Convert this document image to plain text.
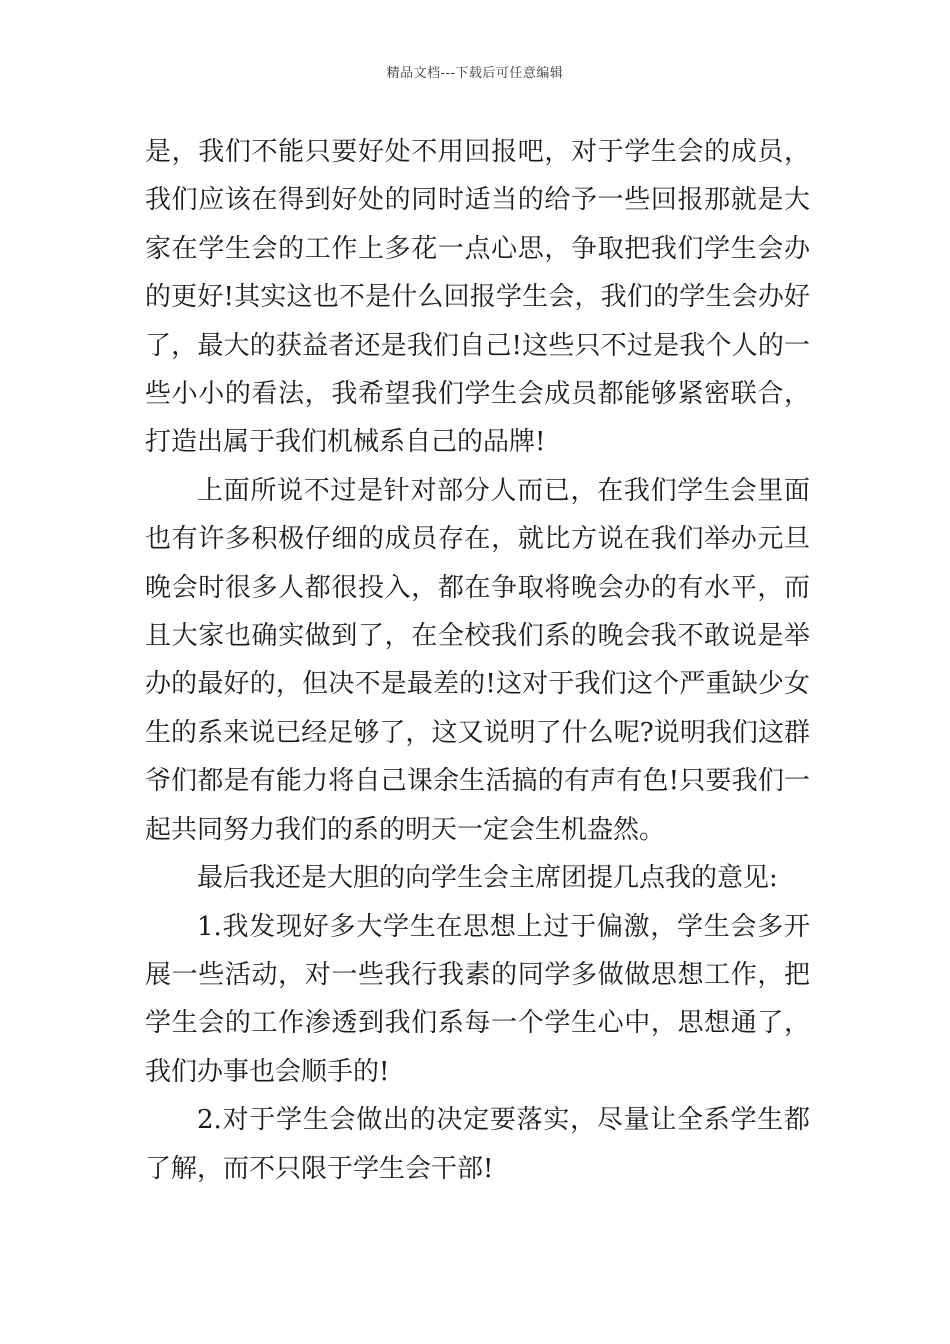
精品文档---下载后可任意编辑

是，我们不能只要好处不用回报吧，对于学生会的成员，我们应该在得到好处的同时适当的给予一些回报那就是大家在学生会的工作上多花一点心思，争取把我们学生会办的更好!其实这也不是什么回报学生会，我们的学生会办好了，最大的获益者还是我们自己!这些只不过是我个人的一些小小的看法，我希望我们学生会成员都能够紧密联合，打造出属于我们机械系自己的品牌!

上面所说不过是针对部分人而已，在我们学生会里面也有许多积极仔细的成员存在，就比方说在我们举办元旦晚会时很多人都很投入，都在争取将晚会办的有水平，而且大家也确实做到了，在全校我们系的晚会我不敢说是举办的最好的，但决不是最差的!这对于我们这个严重缺少女生的系来说已经足够了，这又说明了什么呢?说明我们这群爷们都是有能力将自己课余生活搞的有声有色!只要我们一起共同努力我们的系的明天一定会生机盎然。

最后我还是大胆的向学生会主席团提几点我的意见:

1.我发现好多大学生在思想上过于偏激，学生会多开展一些活动，对一些我行我素的同学多做做思想工作，把学生会的工作渗透到我们系每一个学生心中，思想通了，我们办事也会顺手的!

2.对于学生会做出的决定要落实，尽量让全系学生都了解，而不只限于学生会干部!
